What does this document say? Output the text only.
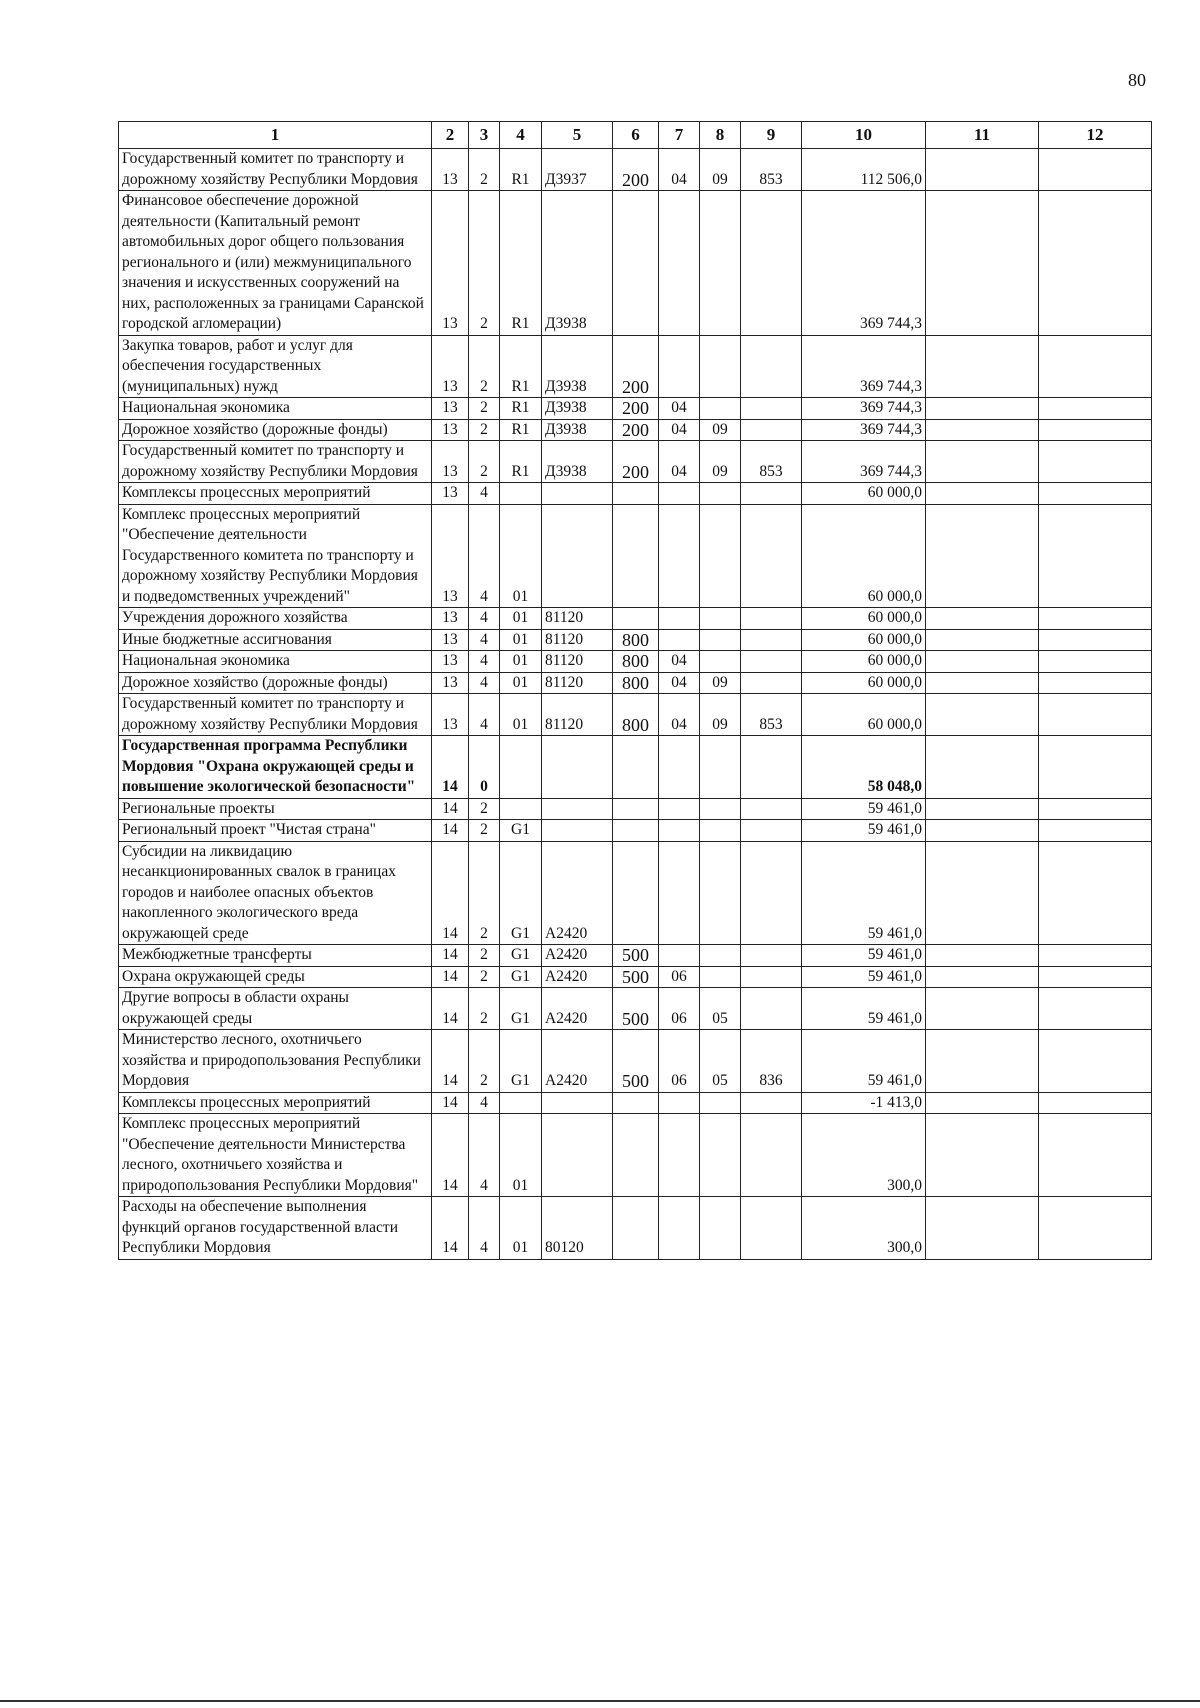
80
1	2	3	4	5	6	7	8	9	10	11	12
Государственный комитет по транспорту и дорожному хозяйству Республики Мордовия	13	2	R1	Д3937	200	04	09	853	112 506,0		
Финансовое обеспечение дорожной деятельности (Капитальный ремонт автомобильных дорог общего пользования регионального и (или) межмуниципального значения и искусственных сооружений на них, расположенных за границами Саранской городской агломерации)	13	2	R1	Д3938					369 744,3		
Закупка товаров, работ и услуг для обеспечения государственных (муниципальных) нужд	13	2	R1	Д3938	200				369 744,3		
Национальная экономика	13	2	R1	Д3938	200	04			369 744,3		
Дорожное хозяйство (дорожные фонды)	13	2	R1	Д3938	200	04	09		369 744,3		
Государственный комитет по транспорту и дорожному хозяйству Республики Мордовия	13	2	R1	Д3938	200	04	09	853	369 744,3		
Комплексы процессных мероприятий	13	4							60 000,0		
Комплекс процессных мероприятий "Обеспечение деятельности Государственного комитета по транспорту и дорожному хозяйству Республики Мордовия и подведомственных учреждений"	13	4	01						60 000,0		
Учреждения дорожного хозяйства	13	4	01	81120					60 000,0		
Иные бюджетные ассигнования	13	4	01	81120	800				60 000,0		
Национальная экономика	13	4	01	81120	800	04			60 000,0		
Дорожное хозяйство (дорожные фонды)	13	4	01	81120	800	04	09		60 000,0		
Государственный комитет по транспорту и дорожному хозяйству Республики Мордовия	13	4	01	81120	800	04	09	853	60 000,0		
Государственная программа Республики Мордовия "Охрана окружающей среды и повышение экологической безопасности"	14	0							58 048,0		
Региональные проекты	14	2							59 461,0		
Региональный проект "Чистая страна"	14	2	G1						59 461,0		
Субсидии на ликвидацию несанкционированных свалок в границах городов и наиболее опасных объектов накопленного экологического вреда окружающей среде	14	2	G1	А2420					59 461,0		
Межбюджетные трансферты	14	2	G1	А2420	500				59 461,0		
Охрана окружающей среды	14	2	G1	А2420	500	06			59 461,0		
Другие вопросы в области охраны окружающей среды	14	2	G1	А2420	500	06	05		59 461,0		
Министерство лесного, охотничьего хозяйства и природопользования Республики Мордовия	14	2	G1	А2420	500	06	05	836	59 461,0		
Комплексы процессных мероприятий	14	4							-1 413,0		
Комплекс процессных мероприятий "Обеспечение деятельности Министерства лесного, охотничьего хозяйства и природопользования Республики Мордовия"	14	4	01						300,0		
Расходы на обеспечение выполнения функций органов государственной власти Республики Мордовия	14	4	01	80120					300,0		
